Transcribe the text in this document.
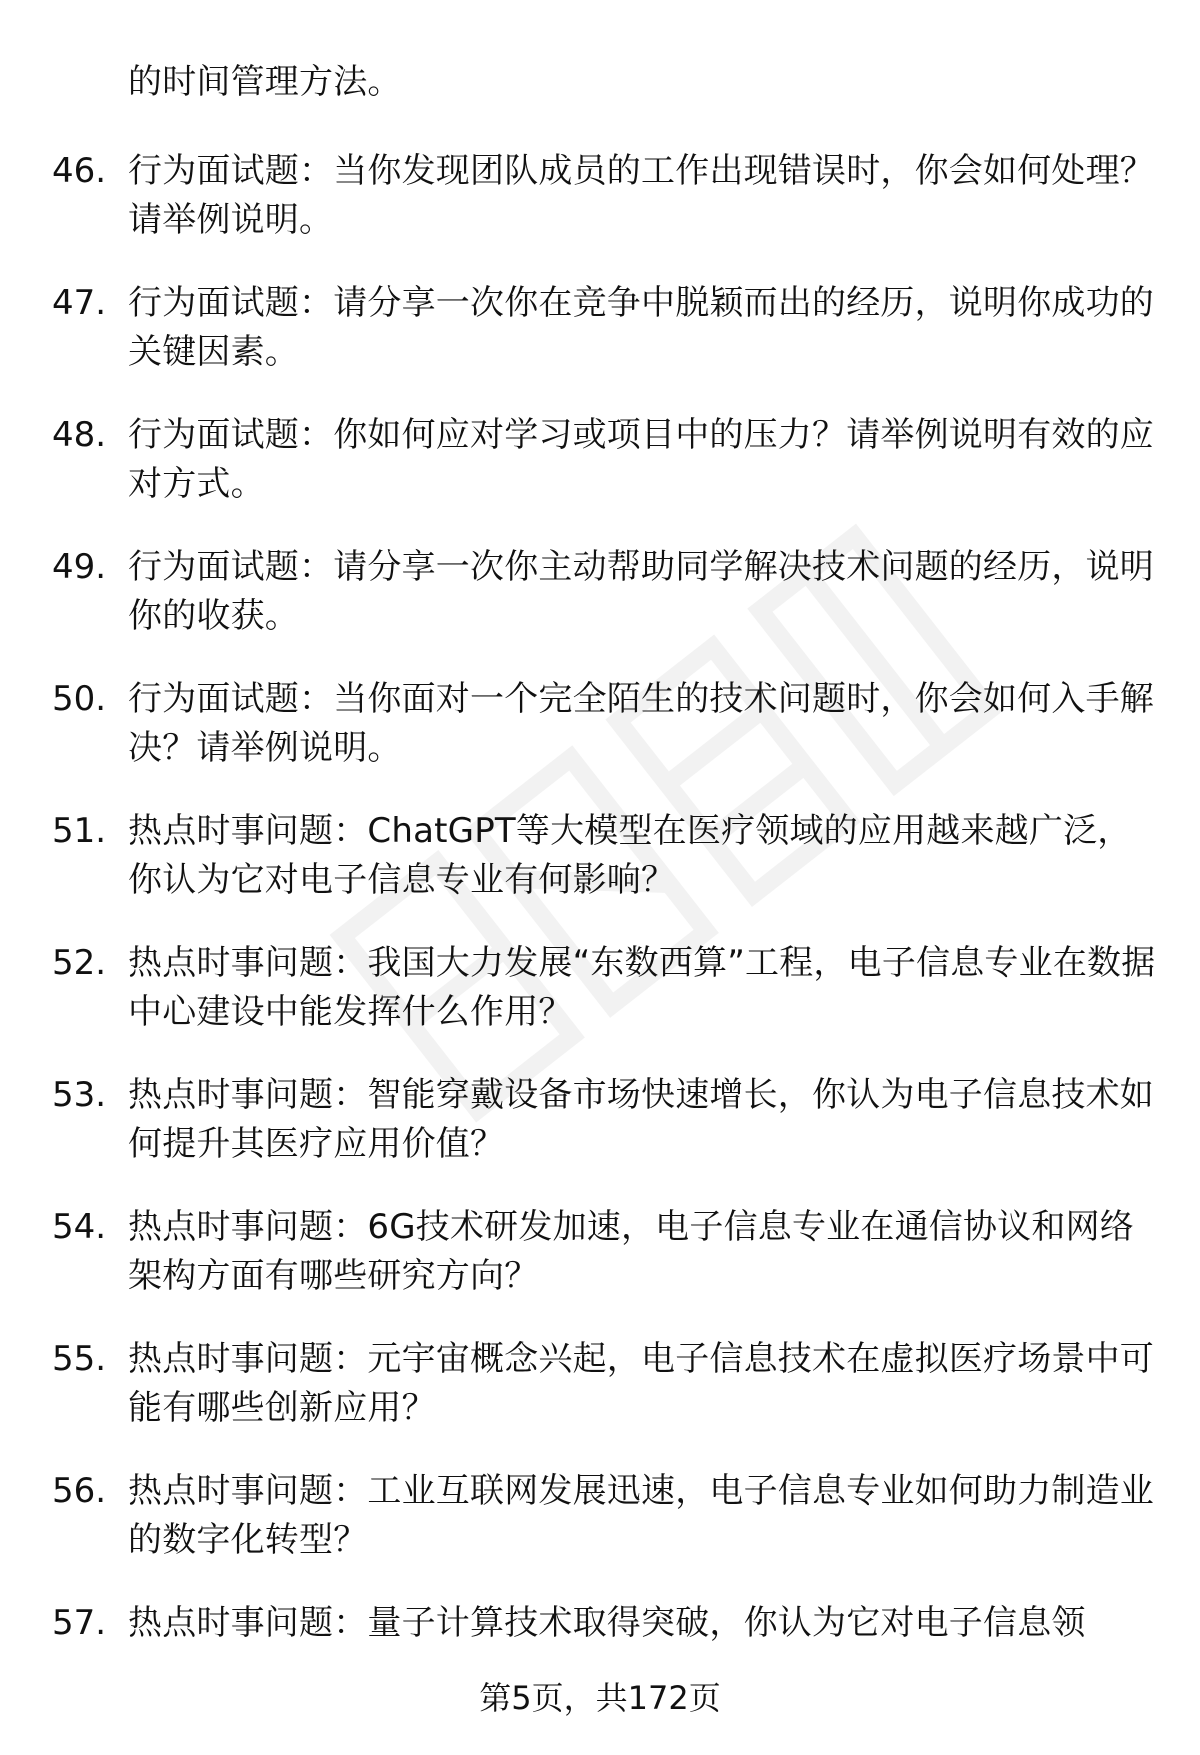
的时间管理方法。
46. 行为面试题：当你发现团队成员的工作出现错误时，你会如何处理？请举例说明。
47. 行为面试题：请分享一次你在竞争中脱颖而出的经历，说明你成功的关键因素。
48. 行为面试题：你如何应对学习或项目中的压力？请举例说明有效的应对方式。
49. 行为面试题：请分享一次你主动帮助同学解决技术问题的经历，说明你的收获。
50. 行为面试题：当你面对一个完全陌生的技术问题时，你会如何入手解决？请举例说明。
51. 热点时事问题：ChatGPT等大模型在医疗领域的应用越来越广泛，你认为它对电子信息专业有何影响？
52. 热点时事问题：我国大力发展“东数西算”工程，电子信息专业在数据中心建设中能发挥什么作用？
53. 热点时事问题：智能穿戴设备市场快速增长，你认为电子信息技术如何提升其医疗应用价值？
54. 热点时事问题：6G技术研发加速，电子信息专业在通信协议和网络架构方面有哪些研究方向？
55. 热点时事问题：元宇宙概念兴起，电子信息技术在虚拟医疗场景中可能有哪些创新应用？
56. 热点时事问题：工业互联网发展迅速，电子信息专业如何助力制造业的数字化转型？
57. 热点时事问题：量子计算技术取得突破，你认为它对电子信息领
第5页，共172页
